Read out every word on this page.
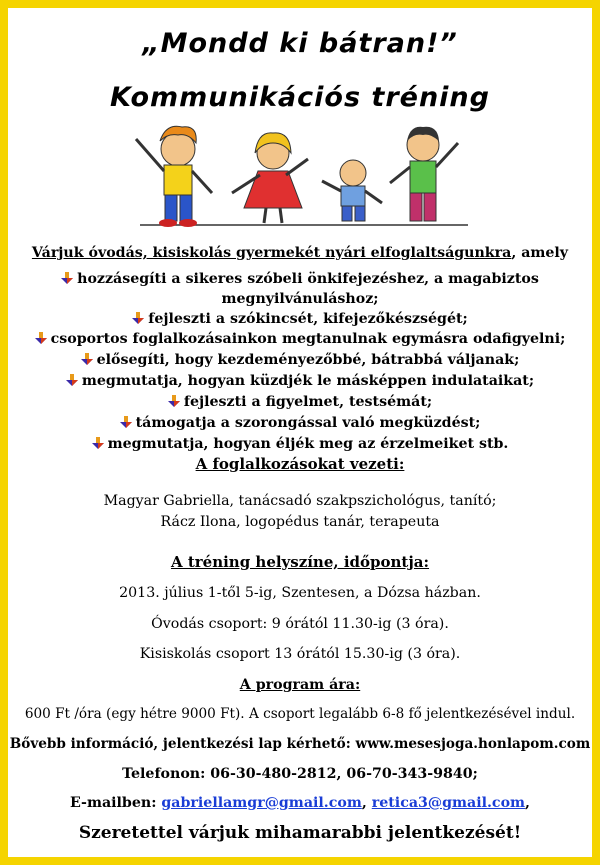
„Mondd ki bátran!”
Kommunikációs tréning
Várjuk óvodás, kisiskolás gyermekét nyári elfoglaltságunkra, amely
hozzásegíti a sikeres szóbeli önkifejezéshez, a magabiztos
megnyilvánuláshoz;
fejleszti a szókincsét, kifejezőkészségét;
csoportos foglalkozásainkon megtanulnak egymásra odafigyelni;
elősegíti, hogy kezdeményezőbbé, bátrabbá váljanak;
megmutatja, hogyan küzdjék le másképpen indulataikat;
fejleszti a figyelmet, testsémát;
támogatja a szorongással való megküzdést;
megmutatja, hogyan éljék meg az érzelmeiket stb.
A foglalkozásokat vezeti:
Magyar Gabriella, tanácsadó szakpszichológus, tanító;
Rácz Ilona, logopédus tanár, terapeuta
A tréning helyszíne, időpontja:
2013. július 1-től 5-ig, Szentesen, a Dózsa házban.
Óvodás csoport: 9 órától 11.30-ig (3 óra).
Kisiskolás csoport 13 órától 15.30-ig (3 óra).
A program ára:
600 Ft /óra (egy hétre 9000 Ft). A csoport legalább 6-8 fő jelentkezésével indul.
Bővebb információ, jelentkezési lap kérhető: www.mesesjoga.honlapom.com
Telefonon: 06-30-480-2812, 06-70-343-9840;
E-mailben: gabriellamgr@gmail.com, retica3@gmail.com,
Szeretettel várjuk mihamarabbi jelentkezését!
